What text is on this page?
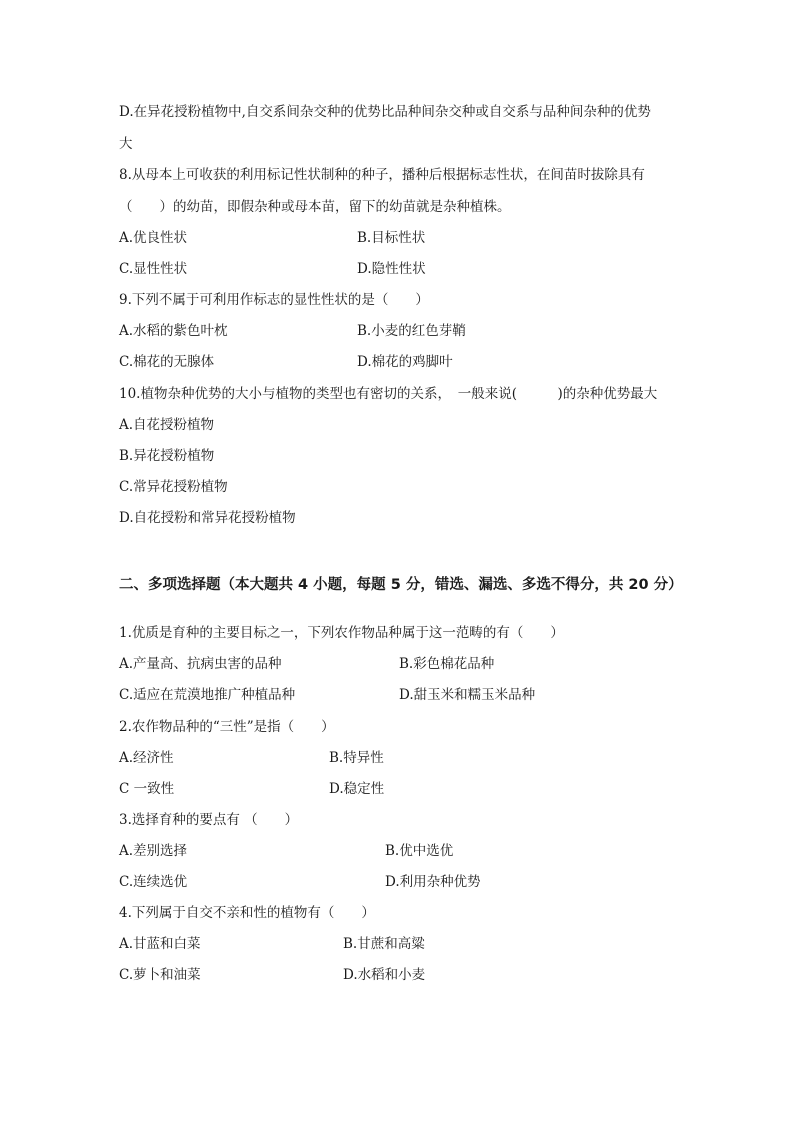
D.在异花授粉植物中,自交系间杂交种的优势比品种间杂交种或自交系与品种间杂种的优势
大
8.从母本上可收获的利用标记性状制种的种子，播种后根据标志性状，在间苗时拔除具有
（　　）的幼苗，即假杂种或母本苗，留下的幼苗就是杂种植株。
A.优良性状	B.目标性状
C.显性性状	D.隐性性状
9.下列不属于可利用作标志的显性性状的是（　　）
A.水稻的紫色叶枕	B.小麦的红色芽鞘
C.棉花的无腺体	D.棉花的鸡脚叶
10.植物杂种优势的大小与植物的类型也有密切的关系，　一般来说(　　　)的杂种优势最大
A.自花授粉植物
B.异花授粉植物
C.常异花授粉植物
D.自花授粉和常异花授粉植物
二、多项选择题（本大题共 4 小题，每题 5 分，错选、漏选、多选不得分，共 20 分）
1.优质是育种的主要目标之一，下列农作物品种属于这一范畴的有（　　）
A.产量高、抗病虫害的品种	B.彩色棉花品种
C.适应在荒漠地推广种植品种	D.甜玉米和糯玉米品种
2.农作物品种的“三性”是指（　　）
A.经济性	B.特异性
C 一致性	D.稳定性
3.选择育种的要点有 （　　）
A.差别选择	B.优中选优
C.连续选优	D.利用杂种优势
4.下列属于自交不亲和性的植物有（　　）
A.甘蓝和白菜	B.甘蔗和高粱
C.萝卜和油菜	D.水稻和小麦
